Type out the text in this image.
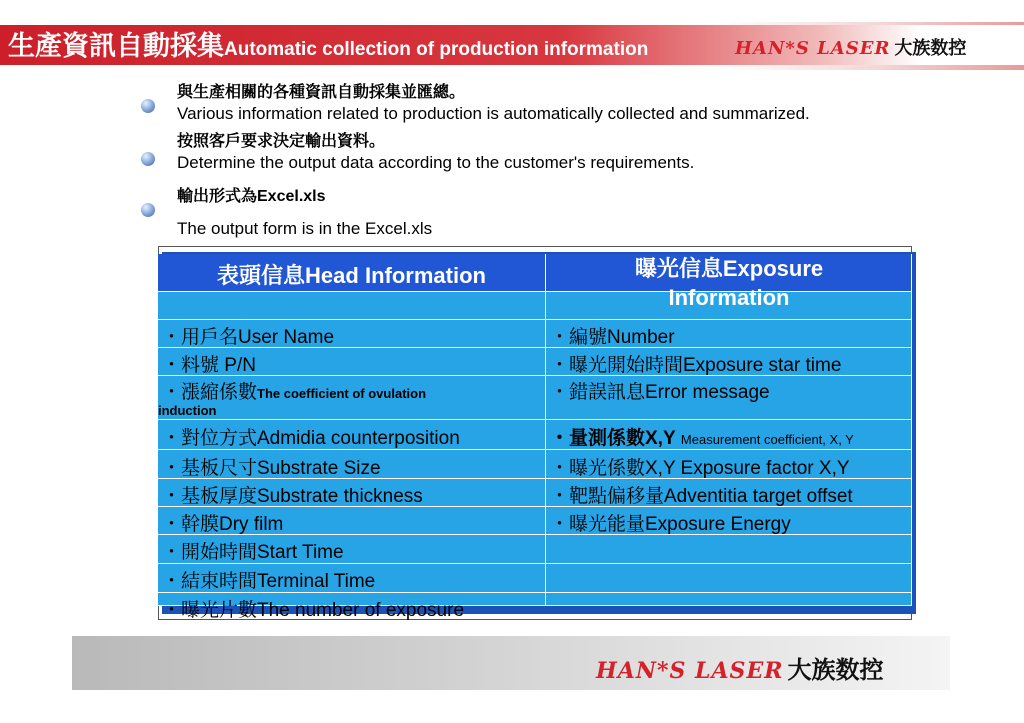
生產資訊自動採集Automatic collection of production information	HAN*S LASER 大族数控
與生產相關的各種資訊自動採集並匯總。
Various information related to production is automatically collected and summarized.
按照客戶要求決定輸出資料。
Determine the output data according to the customer's requirements.
輸出形式為Excel.xls
The output form is in the Excel.xls
表頭信息Head Information	曝光信息Exposure Information
・用戶名User Name
・料號 P/N
・漲縮係數The coefficient of ovulation
induction
・對位方式Admidia counterposition
・基板尺寸Substrate Size
・基板厚度Substrate thickness
・幹膜Dry film
・開始時間Start Time
・結束時間Terminal Time
・曝光片數The number of exposure
・編號Number
・曝光開始時間Exposure star time
・錯誤訊息Error message
・量測係數X,Y Measurement coefficient, X, Y
・曝光係數X,Y Exposure factor X,Y
・靶點偏移量Adventitia target offset
・曝光能量Exposure Energy
HAN*S LASER 大族数控
